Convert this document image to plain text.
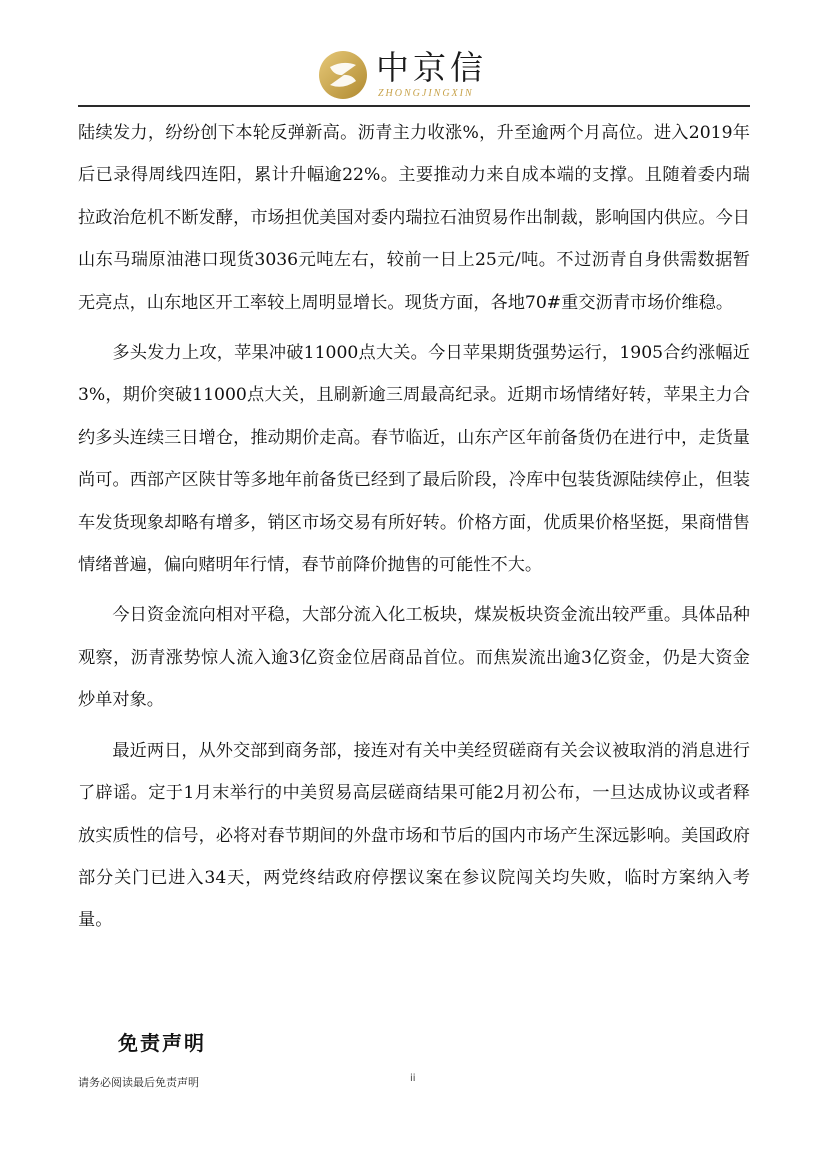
中京信
ZHONGJINGXIN

陆续发力，纷纷创下本轮反弹新高。沥青主力收涨%，升至逾两个月高位。进入2019年后已录得周线四连阳，累计升幅逾22%。主要推动力来自成本端的支撑。且随着委内瑞拉政治危机不断发酵，市场担优美国对委内瑞拉石油贸易作出制裁，影响国内供应。今日山东马瑞原油港口现货3036元吨左右，较前一日上25元/吨。不过沥青自身供需数据暂无亮点，山东地区开工率较上周明显增长。现货方面，各地70#重交沥青市场价维稳。

多头发力上攻，苹果冲破11000点大关。今日苹果期货强势运行，1905合约涨幅近3%，期价突破11000点大关，且刷新逾三周最高纪录。近期市场情绪好转，苹果主力合约多头连续三日增仓，推动期价走高。春节临近，山东产区年前备货仍在进行中，走货量尚可。西部产区陕甘等多地年前备货已经到了最后阶段，冷库中包装货源陆续停止，但装车发货现象却略有增多，销区市场交易有所好转。价格方面，优质果价格坚挺，果商惜售情绪普遍，偏向赌明年行情，春节前降价抛售的可能性不大。

今日资金流向相对平稳，大部分流入化工板块，煤炭板块资金流出较严重。具体品种观察，沥青涨势惊人流入逾3亿资金位居商品首位。而焦炭流出逾3亿资金，仍是大资金炒单对象。

最近两日，从外交部到商务部，接连对有关中美经贸磋商有关会议被取消的消息进行了辟谣。定于1月末举行的中美贸易高层磋商结果可能2月初公布，一旦达成协议或者释放实质性的信号，必将对春节期间的外盘市场和节后的国内市场产生深远影响。美国政府部分关门已进入34天，两党终结政府停摆议案在参议院闯关均失败，临时方案纳入考量。

免责声明
请务必阅读最后免责声明	ii
